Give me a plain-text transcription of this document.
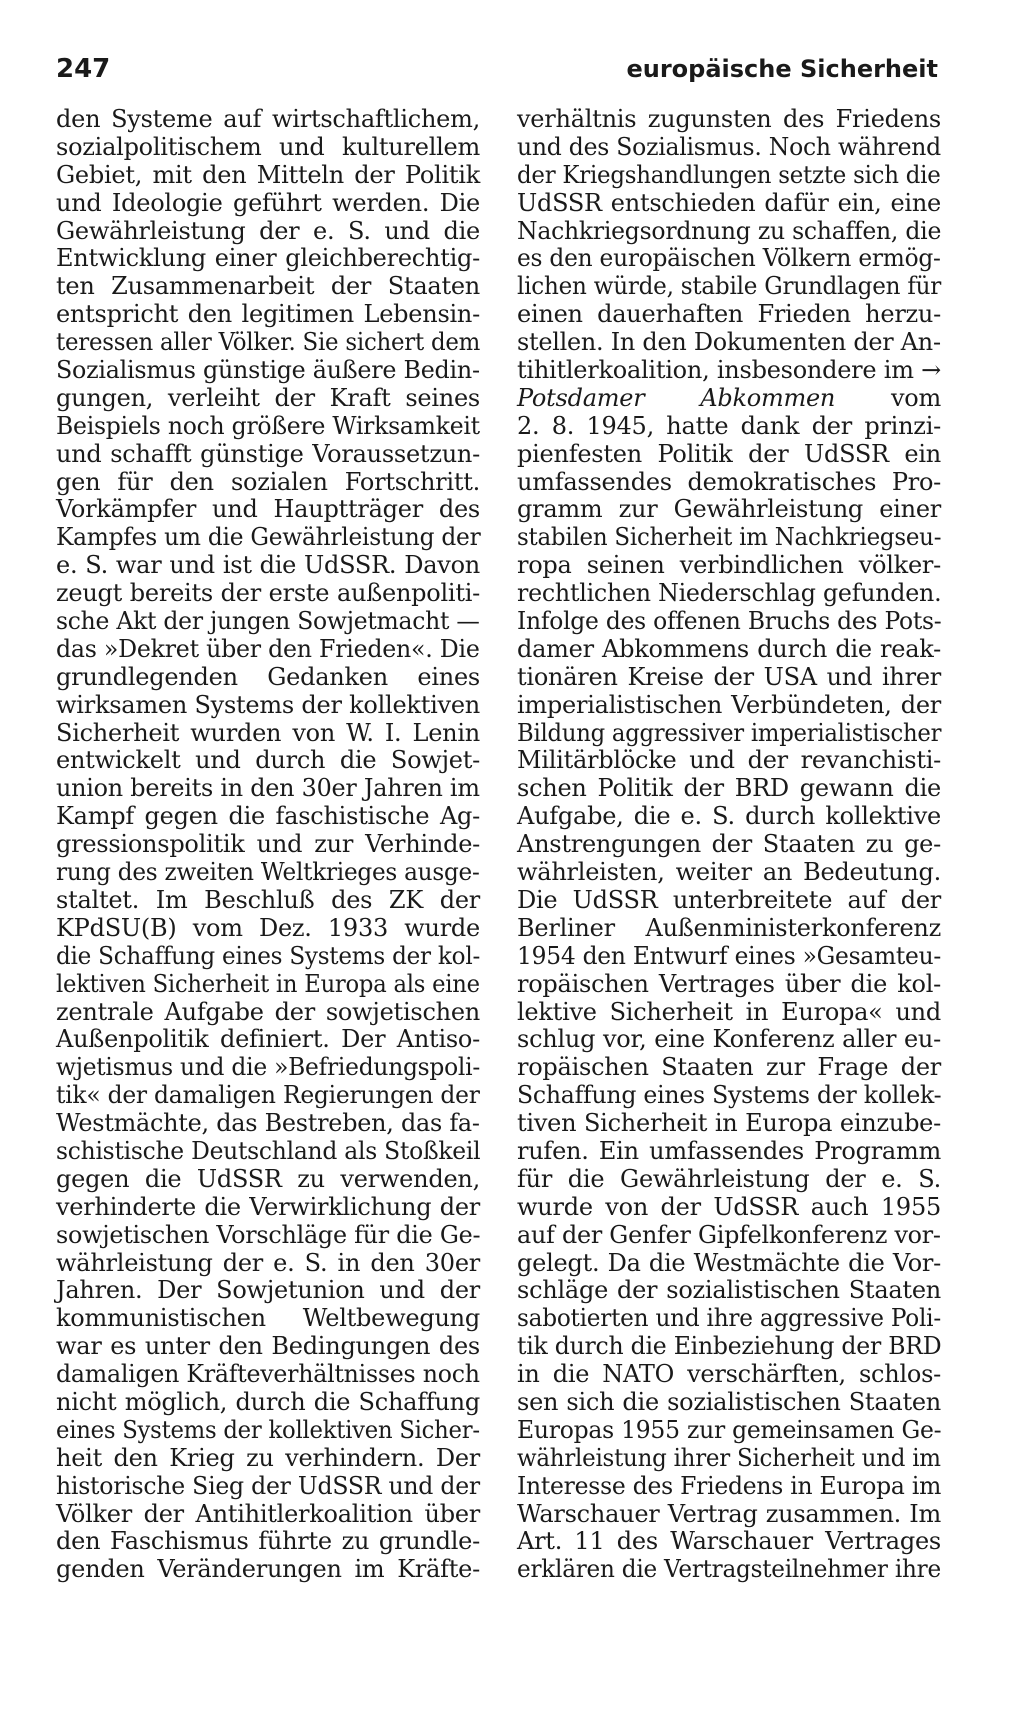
247	europäische Sicherheit
den Systeme auf wirtschaftlichem,
sozialpolitischem und kulturellem
Gebiet, mit den Mitteln der Politik
und Ideologie geführt werden. Die
Gewährleistung der e. S. und die
Entwicklung einer gleichberechtig-
ten Zusammenarbeit der Staaten
entspricht den legitimen Lebensin-
teressen aller Völker. Sie sichert dem
Sozialismus günstige äußere Bedin-
gungen, verleiht der Kraft seines
Beispiels noch größere Wirksamkeit
und schafft günstige Voraussetzun-
gen für den sozialen Fortschritt.
Vorkämpfer und Hauptträger des
Kampfes um die Gewährleistung der
e. S. war und ist die UdSSR. Davon
zeugt bereits der erste außenpoliti-
sche Akt der jungen Sowjetmacht —
das »Dekret über den Frieden«. Die
grundlegenden Gedanken eines
wirksamen Systems der kollektiven
Sicherheit wurden von W. I. Lenin
entwickelt und durch die Sowjet-
union bereits in den 30er Jahren im
Kampf gegen die faschistische Ag-
gressionspolitik und zur Verhinde-
rung des zweiten Weltkrieges ausge-
staltet. Im Beschluß des ZK der
KPdSU(B) vom Dez. 1933 wurde
die Schaffung eines Systems der kol-
lektiven Sicherheit in Europa als eine
zentrale Aufgabe der sowjetischen
Außenpolitik definiert. Der Antiso-
wjetismus und die »Befriedungspoli-
tik« der damaligen Regierungen der
Westmächte, das Bestreben, das fa-
schistische Deutschland als Stoßkeil
gegen die UdSSR zu verwenden,
verhinderte die Verwirklichung der
sowjetischen Vorschläge für die Ge-
währleistung der e. S. in den 30er
Jahren. Der Sowjetunion und der
kommunistischen Weltbewegung
war es unter den Bedingungen des
damaligen Kräfteverhältnisses noch
nicht möglich, durch die Schaffung
eines Systems der kollektiven Sicher-
heit den Krieg zu verhindern. Der
historische Sieg der UdSSR und der
Völker der Antihitlerkoalition über
den Faschismus führte zu grundle-
genden Veränderungen im Kräfte-
verhältnis zugunsten des Friedens
und des Sozialismus. Noch während
der Kriegshandlungen setzte sich die
UdSSR entschieden dafür ein, eine
Nachkriegsordnung zu schaffen, die
es den europäischen Völkern ermög-
lichen würde, stabile Grundlagen für
einen dauerhaften Frieden herzu-
stellen. In den Dokumenten der An-
tihitlerkoalition, insbesondere im →
Potsdamer Abkommen vom
2. 8. 1945, hatte dank der prinzi-
pienfesten Politik der UdSSR ein
umfassendes demokratisches Pro-
gramm zur Gewährleistung einer
stabilen Sicherheit im Nachkriegseu-
ropa seinen verbindlichen völker-
rechtlichen Niederschlag gefunden.
Infolge des offenen Bruchs des Pots-
damer Abkommens durch die reak-
tionären Kreise der USA und ihrer
imperialistischen Verbündeten, der
Bildung aggressiver imperialistischer
Militärblöcke und der revanchisti-
schen Politik der BRD gewann die
Aufgabe, die e. S. durch kollektive
Anstrengungen der Staaten zu ge-
währleisten, weiter an Bedeutung.
Die UdSSR unterbreitete auf der
Berliner Außenministerkonferenz
1954 den Entwurf eines »Gesamteu-
ropäischen Vertrages über die kol-
lektive Sicherheit in Europa« und
schlug vor, eine Konferenz aller eu-
ropäischen Staaten zur Frage der
Schaffung eines Systems der kollek-
tiven Sicherheit in Europa einzube-
rufen. Ein umfassendes Programm
für die Gewährleistung der e. S.
wurde von der UdSSR auch 1955
auf der Genfer Gipfelkonferenz vor-
gelegt. Da die Westmächte die Vor-
schläge der sozialistischen Staaten
sabotierten und ihre aggressive Poli-
tik durch die Einbeziehung der BRD
in die NATO verschärften, schlos-
sen sich die sozialistischen Staaten
Europas 1955 zur gemeinsamen Ge-
währleistung ihrer Sicherheit und im
Interesse des Friedens in Europa im
Warschauer Vertrag zusammen. Im
Art. 11 des Warschauer Vertrages
erklären die Vertragsteilnehmer ihre
